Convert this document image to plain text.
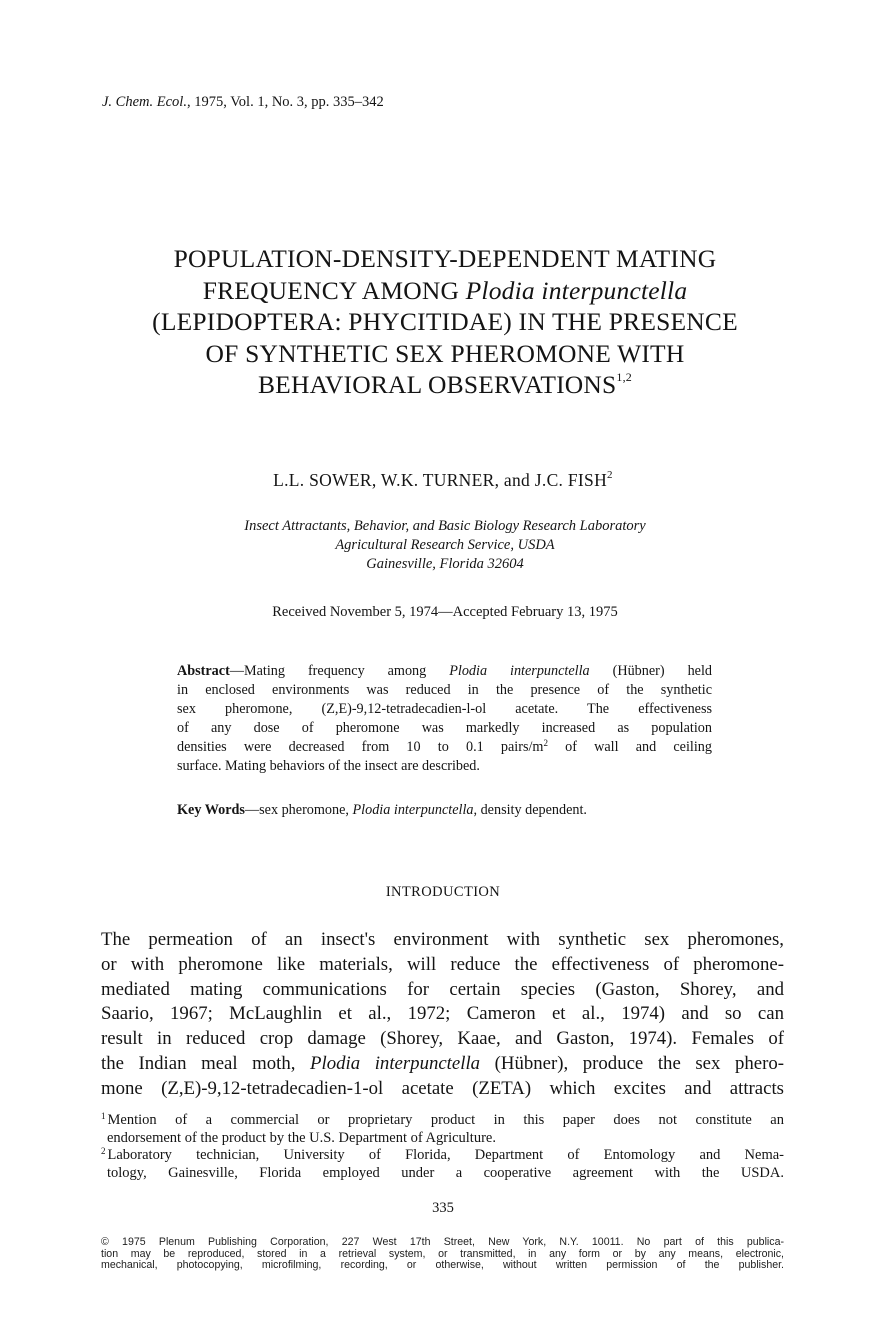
J. Chem. Ecol., 1975, Vol. 1, No. 3, pp. 335–342
POPULATION-DENSITY-DEPENDENT MATING
FREQUENCY AMONG Plodia interpunctella
(LEPIDOPTERA: PHYCITIDAE) IN THE PRESENCE
OF SYNTHETIC SEX PHEROMONE WITH
BEHAVIORAL OBSERVATIONS$^{1,2}$
L.L. SOWER, W.K. TURNER, and J.C. FISH$^2$
Insect Attractants, Behavior, and Basic Biology Research Laboratory
Agricultural Research Service, USDA
Gainesville, Florida 32604
Received November 5, 1974—Accepted February 13, 1975
Abstract—Mating frequency among Plodia interpunctella (Hübner) held
in enclosed environments was reduced in the presence of the synthetic
sex pheromone, (Z,E)-9,12-tetradecadien-l-ol acetate. The effectiveness
of any dose of pheromone was markedly increased as population
densities were decreased from 10 to 0.1 pairs/$m^2$ of wall and ceiling
surface. Mating behaviors of the insect are described.
Key Words—sex pheromone, Plodia interpunctella, density dependent.
INTRODUCTION
The permeation of an insect's environment with synthetic sex pheromones,
or with pheromone like materials, will reduce the effectiveness of pheromone-
mediated mating communications for certain species (Gaston, Shorey, and
Saario, 1967; McLaughlin et al., 1972; Cameron et al., 1974) and so can
result in reduced crop damage (Shorey, Kaae, and Gaston, 1974). Females of
the Indian meal moth, Plodia interpunctella (Hübner), produce the sex phero-
mone (Z,E)-9,12-tetradecadien-1-ol acetate (ZETA) which excites and attracts
$^1$ Mention of a commercial or proprietary product in this paper does not constitute an
endorsement of the product by the U.S. Department of Agriculture.
$^2$ Laboratory technician, University of Florida, Department of Entomology and Nema-
tology, Gainesville, Florida employed under a cooperative agreement with the USDA.
335
© 1975 Plenum Publishing Corporation, 227 West 17th Street, New York, N.Y. 10011. No part of this publica-
tion may be reproduced, stored in a retrieval system, or transmitted, in any form or by any means, electronic,
mechanical, photocopying, microfilming, recording, or otherwise, without written permission of the publisher.
